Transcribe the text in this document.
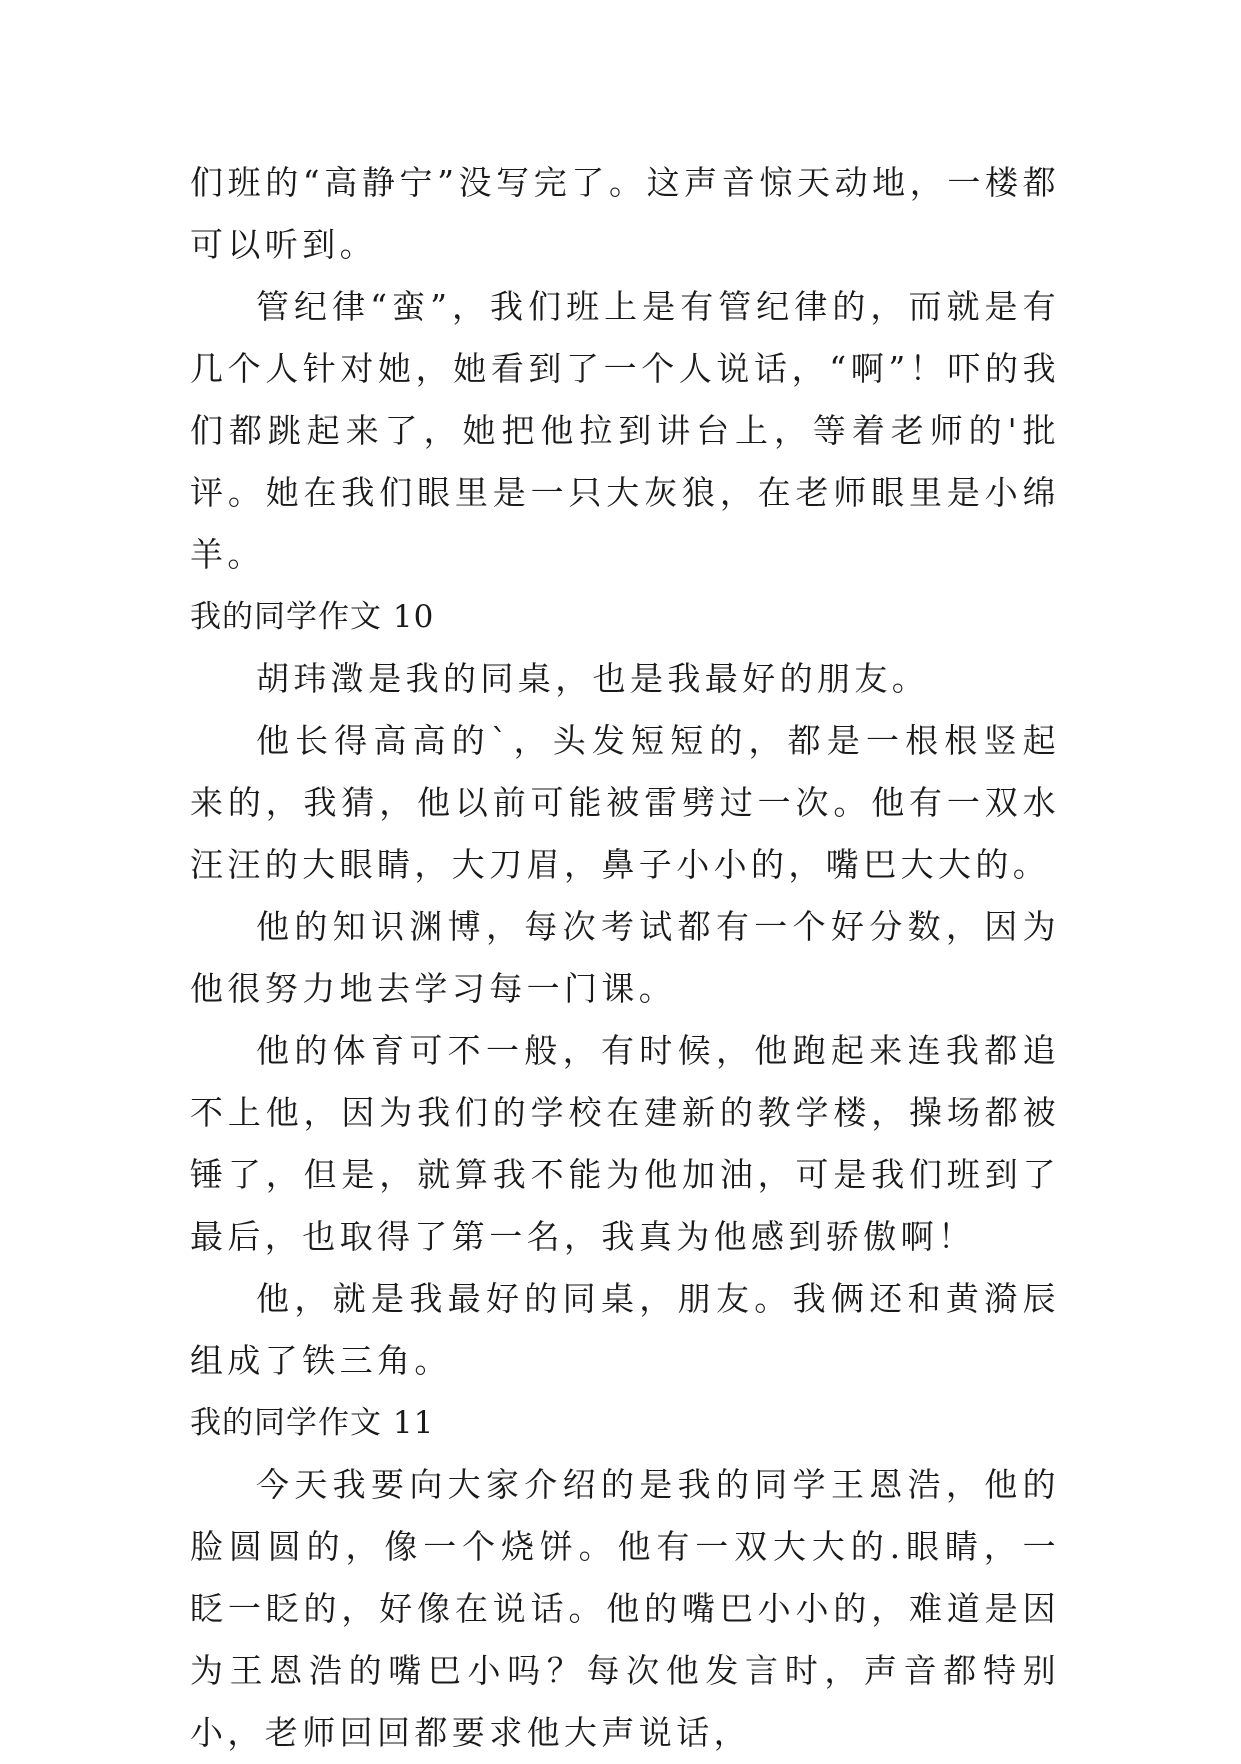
们班的“高静宁”没写完了。这声音惊天动地，一楼都可以听到。

管纪律“蛮”，我们班上是有管纪律的，而就是有几个人针对她，她看到了一个人说话，“啊”！吓的我们都跳起来了，她把他拉到讲台上，等着老师的'批评。她在我们眼里是一只大灰狼，在老师眼里是小绵羊。

我的同学作文 10

胡玮澂是我的同桌，也是我最好的朋友。

他长得高高的`，头发短短的，都是一根根竖起来的，我猜，他以前可能被雷劈过一次。他有一双水汪汪的大眼睛，大刀眉，鼻子小小的，嘴巴大大的。

他的知识渊博，每次考试都有一个好分数，因为他很努力地去学习每一门课。

他的体育可不一般，有时候，他跑起来连我都追不上他，因为我们的学校在建新的教学楼，操场都被锤了，但是，就算我不能为他加油，可是我们班到了最后，也取得了第一名，我真为他感到骄傲啊！

他，就是我最好的同桌，朋友。我俩还和黄漪辰组成了铁三角。

我的同学作文 11

今天我要向大家介绍的是我的同学王恩浩，他的脸圆圆的，像一个烧饼。他有一双大大的.眼睛，一眨一眨的，好像在说话。他的嘴巴小小的，难道是因为王恩浩的嘴巴小吗？每次他发言时，声音都特别小，老师回回都要求他大声说话，
